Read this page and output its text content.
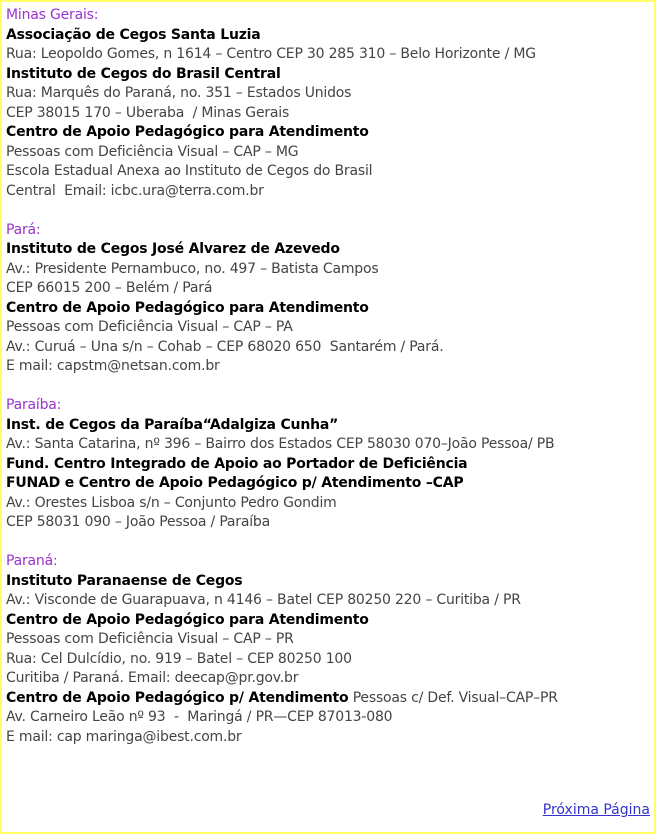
Minas Gerais:
Associação de Cegos Santa Luzia
Rua: Leopoldo Gomes, n 1614 – Centro CEP 30 285 310 – Belo Horizonte / MG
Instituto de Cegos do Brasil Central
Rua: Marquês do Paraná, no. 351 – Estados Unidos
CEP 38015 170 – Uberaba  / Minas Gerais
Centro de Apoio Pedagógico para Atendimento
Pessoas com Deficiência Visual – CAP – MG
Escola Estadual Anexa ao Instituto de Cegos do Brasil
Central  Email: icbc.ura@terra.com.br
Pará:
Instituto de Cegos José Alvarez de Azevedo
Av.: Presidente Pernambuco, no. 497 – Batista Campos
CEP 66015 200 – Belém / Pará
Centro de Apoio Pedagógico para Atendimento
Pessoas com Deficiência Visual – CAP – PA
Av.: Curuá – Una s/n – Cohab – CEP 68020 650  Santarém / Pará.
E mail: capstm@netsan.com.br
Paraíba:
Inst. de Cegos da Paraíba“Adalgiza Cunha”
Av.: Santa Catarina, nº 396 – Bairro dos Estados CEP 58030 070–João Pessoa/ PB
Fund. Centro Integrado de Apoio ao Portador de Deficiência
FUNAD e Centro de Apoio Pedagógico p/ Atendimento –CAP
Av.: Orestes Lisboa s/n – Conjunto Pedro Gondim
CEP 58031 090 – João Pessoa / Paraíba
Paraná:
Instituto Paranaense de Cegos
Av.: Visconde de Guarapuava, n 4146 – Batel CEP 80250 220 – Curitiba / PR
Centro de Apoio Pedagógico para Atendimento
Pessoas com Deficiência Visual – CAP – PR
Rua: Cel Dulcídio, no. 919 – Batel – CEP 80250 100
Curitiba / Paraná. Email: deecap@pr.gov.br
Centro de Apoio Pedagógico p/ Atendimento Pessoas c/ Def. Visual–CAP–PR
Av. Carneiro Leão nº 93  -  Maringá / PR—CEP 87013-080
E mail: cap maringa@ibest.com.br
Próxima Página
